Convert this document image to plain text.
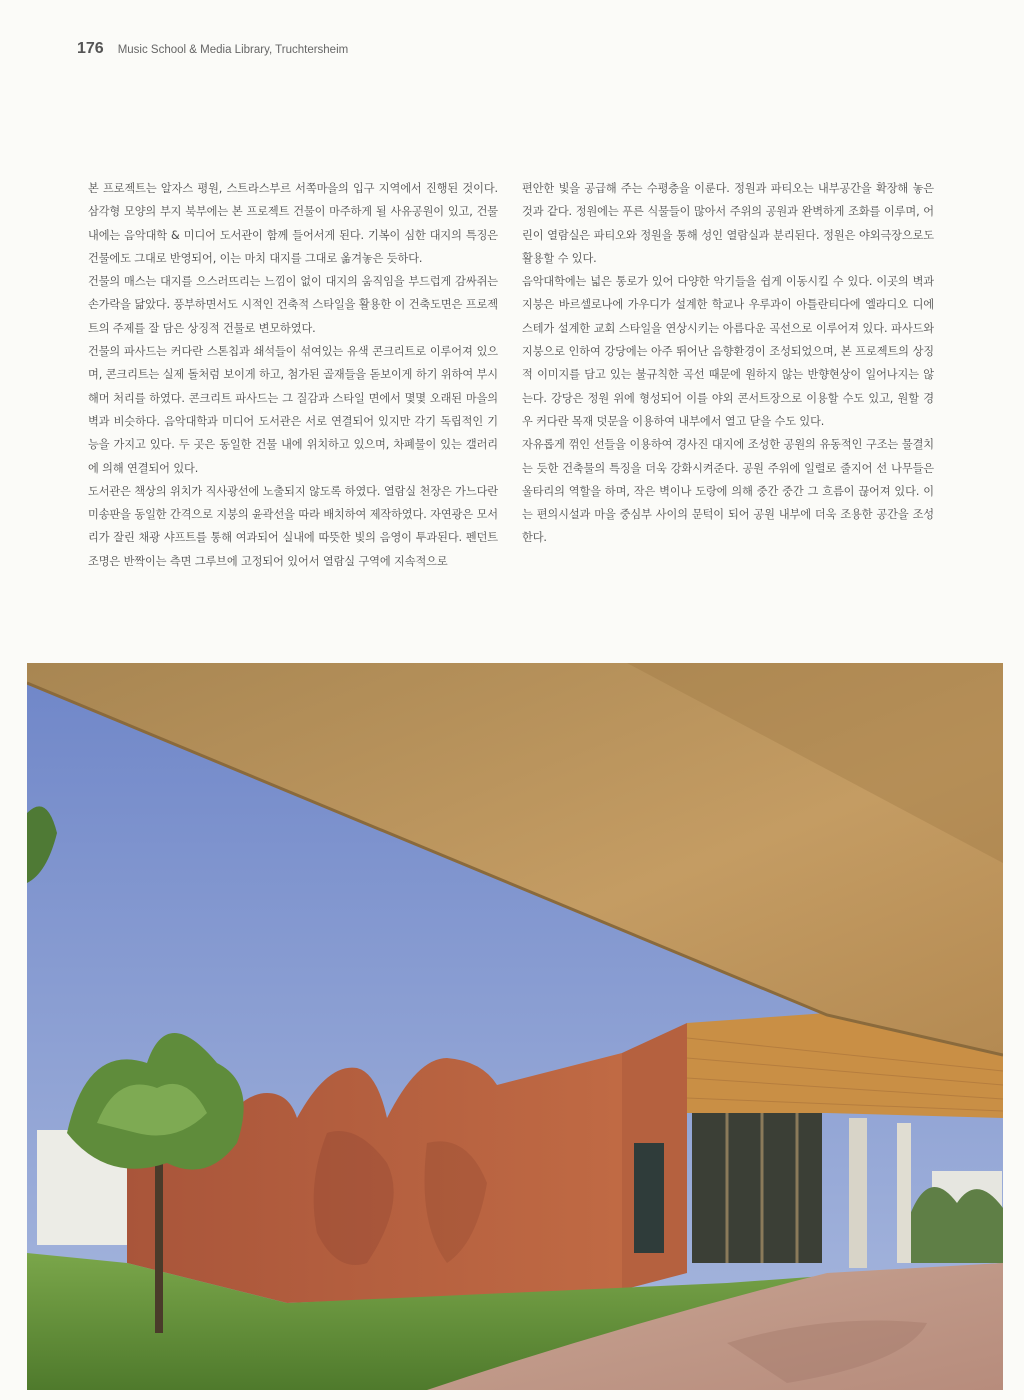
176 Music School & Media Library, Truchtersheim

본 프로젝트는 알자스 평원, 스트라스부르 서쪽마을의 입구 지역에서 진행된 것이다. 삼각형 모양의 부지 북부에는 본 프로젝트 건물이 마주하게 될 사유공원이 있고, 건물 내에는 음악대학 & 미디어 도서관이 함께 들어서게 된다. 기복이 심한 대지의 특징은 건물에도 그대로 반영되어, 이는 마치 대지를 그대로 옮겨놓은 듯하다.

건물의 매스는 대지를 으스러뜨리는 느낌이 없이 대지의 움직임을 부드럽게 감싸쥐는 손가락을 닮았다. 풍부하면서도 시적인 건축적 스타일을 활용한 이 건축도면은 프로젝트의 주제를 잘 담은 상징적 건물로 변모하였다.

건물의 파사드는 커다란 스톤칩과 쇄석들이 섞여있는 유색 콘크리트로 이루어져 있으며, 콘크리트는 실제 돌처럼 보이게 하고, 첨가된 골재들을 돋보이게 하기 위하여 부시해머 처리를 하였다. 콘크리트 파사드는 그 질감과 스타일 면에서 몇몇 오래된 마을의 벽과 비슷하다. 음악대학과 미디어 도서관은 서로 연결되어 있지만 각기 독립적인 기능을 가지고 있다. 두 곳은 동일한 건물 내에 위치하고 있으며, 차폐물이 있는 갤러리에 의해 연결되어 있다.

도서관은 책상의 위치가 직사광선에 노출되지 않도록 하였다. 열람실 천장은 가느다란 미송판을 동일한 간격으로 지붕의 윤곽선을 따라 배치하여 제작하였다. 자연광은 모서리가 잘린 채광 샤프트를 통해 여과되어 실내에 따뜻한 빛의 음영이 투과된다. 펜던트 조명은 반짝이는 측면 그루브에 고정되어 있어서 열람실 구역에 지속적으로

편안한 빛을 공급해 주는 수평층을 이룬다. 정원과 파티오는 내부공간을 확장해 놓은 것과 같다. 정원에는 푸른 식물들이 많아서 주위의 공원과 완벽하게 조화를 이루며, 어린이 열람실은 파티오와 정원을 통해 성인 열람실과 분리된다. 정원은 야외극장으로도 활용할 수 있다.

음악대학에는 넓은 통로가 있어 다양한 악기들을 쉽게 이동시킬 수 있다. 이곳의 벽과 지붕은 바르셀로나에 가우디가 설계한 학교나 우루과이 아틀란티다에 엘라디오 디에스테가 설계한 교회 스타일을 연상시키는 아름다운 곡선으로 이루어져 있다. 파사드와 지붕으로 인하여 강당에는 아주 뛰어난 음향환경이 조성되었으며, 본 프로젝트의 상징적 이미지를 담고 있는 불규칙한 곡선 때문에 원하지 않는 반향현상이 일어나지는 않는다. 강당은 정원 위에 형성되어 이를 야외 콘서트장으로 이용할 수도 있고, 원할 경우 커다란 목재 덧문을 이용하여 내부에서 열고 닫을 수도 있다.

자유롭게 꺾인 선들을 이용하여 경사진 대지에 조성한 공원의 유동적인 구조는 물결치는 듯한 건축물의 특징을 더욱 강화시켜준다. 공원 주위에 일렬로 줄지어 선 나무들은 울타리의 역할을 하며, 작은 벽이나 도랑에 의해 중간 중간 그 흐름이 끊어져 있다. 이는 편의시설과 마을 중심부 사이의 문턱이 되어 공원 내부에 더욱 조용한 공간을 조성한다.
